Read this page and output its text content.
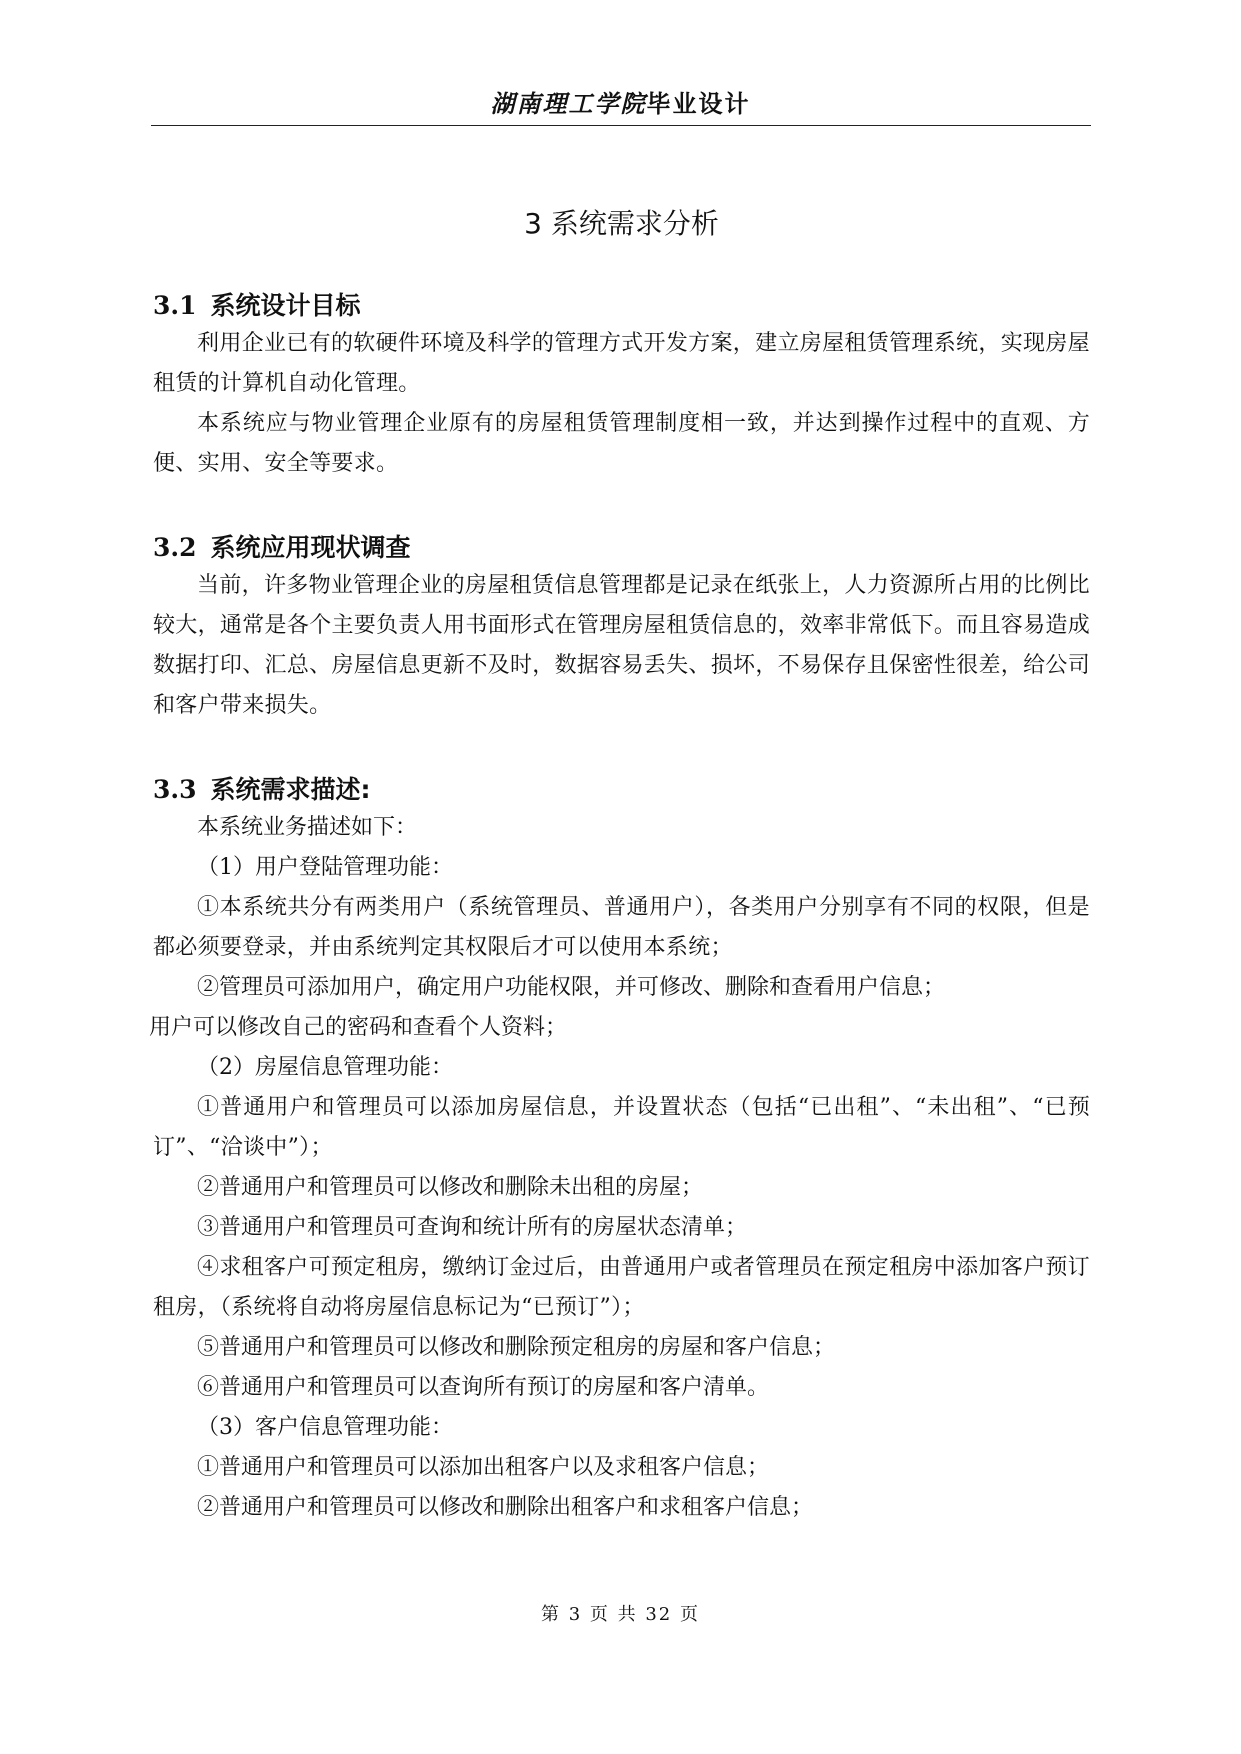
湖南理工学院毕业设计
3 系统需求分析
3.1 系统设计目标

利用企业已有的软硬件环境及科学的管理方式开发方案，建立房屋租赁管理系统，实现房屋租赁的计算机自动化管理。

本系统应与物业管理企业原有的房屋租赁管理制度相一致，并达到操作过程中的直观、方便、实用、安全等要求。

3.2 系统应用现状调查

当前，许多物业管理企业的房屋租赁信息管理都是记录在纸张上，人力资源所占用的比例比较大，通常是各个主要负责人用书面形式在管理房屋租赁信息的，效率非常低下。而且容易造成数据打印、汇总、房屋信息更新不及时，数据容易丢失、损坏，不易保存且保密性很差，给公司和客户带来损失。

3.3 系统需求描述:

本系统业务描述如下：

（1）用户登陆管理功能：

①本系统共分有两类用户（系统管理员、普通用户），各类用户分别享有不同的权限，但是都必须要登录，并由系统判定其权限后才可以使用本系统；

②管理员可添加用户，确定用户功能权限，并可修改、删除和查看用户信息；

用户可以修改自己的密码和查看个人资料；

（2）房屋信息管理功能：

①普通用户和管理员可以添加房屋信息，并设置状态（包括“已出租”、“未出租”、“已预订”、“洽谈中”）；

②普通用户和管理员可以修改和删除未出租的房屋；

③普通用户和管理员可查询和统计所有的房屋状态清单；

④求租客户可预定租房，缴纳订金过后，由普通用户或者管理员在预定租房中添加客户预订租房，（系统将自动将房屋信息标记为“已预订”）；

⑤普通用户和管理员可以修改和删除预定租房的房屋和客户信息；

⑥普通用户和管理员可以查询所有预订的房屋和客户清单。

（3）客户信息管理功能：

①普通用户和管理员可以添加出租客户以及求租客户信息；

②普通用户和管理员可以修改和删除出租客户和求租客户信息；

第 3 页 共 32 页
